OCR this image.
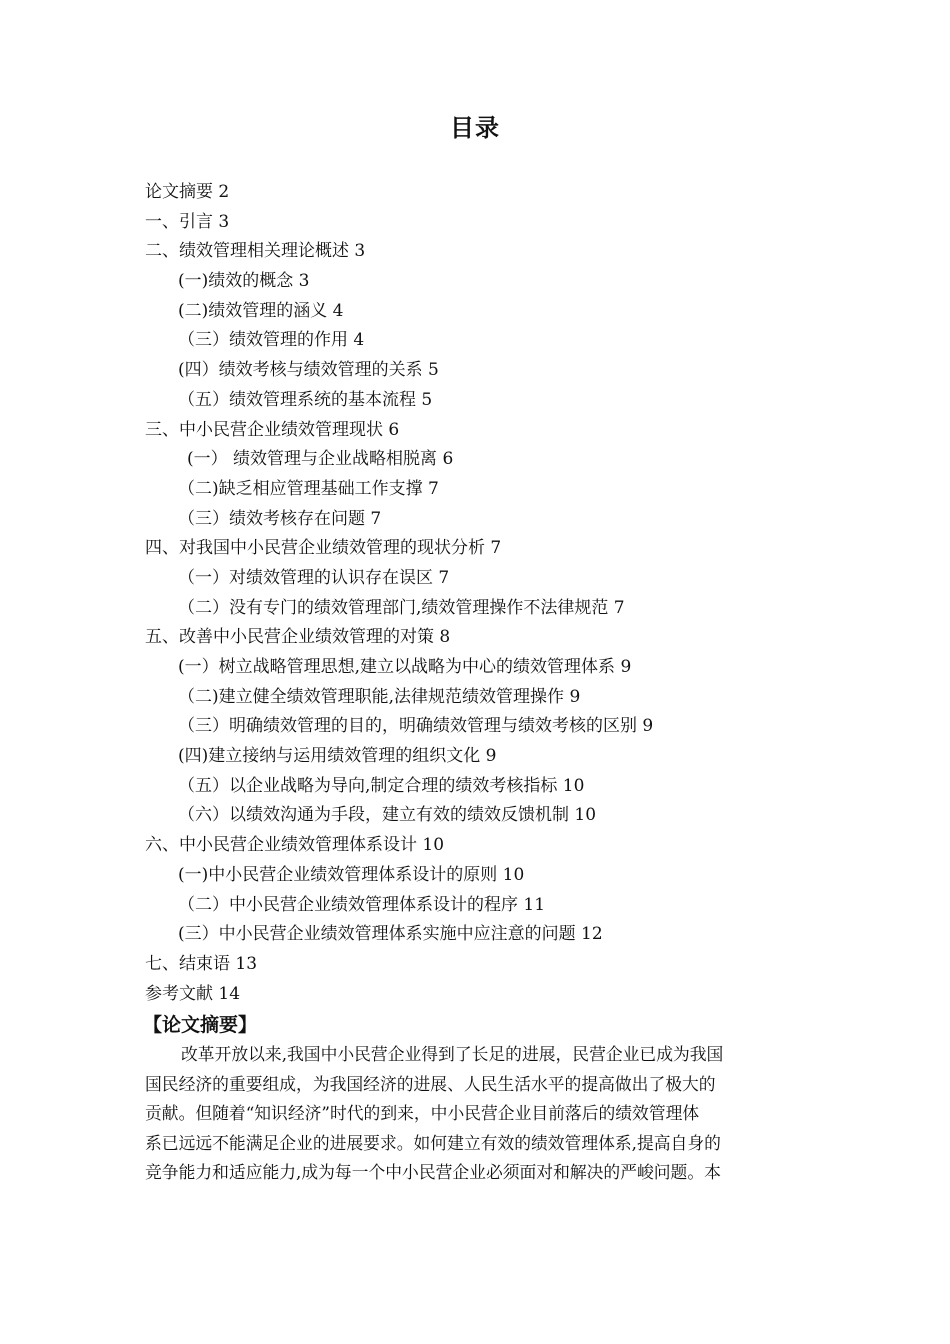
目录
论文摘要 2
一、引言 3
二、绩效管理相关理论概述 3
(一)绩效的概念 3
(二)绩效管理的涵义 4
（三）绩效管理的作用 4
(四）绩效考核与绩效管理的关系 5
（五）绩效管理系统的基本流程 5
三、中小民营企业绩效管理现状 6
(一） 绩效管理与企业战略相脱离 6
（二)缺乏相应管理基础工作支撑 7
（三）绩效考核存在问题 7
四、对我国中小民营企业绩效管理的现状分析 7
（一）对绩效管理的认识存在误区 7
（二）没有专门的绩效管理部门,绩效管理操作不法律规范 7
五、改善中小民营企业绩效管理的对策 8
(一）树立战略管理思想,建立以战略为中心的绩效管理体系 9
（二)建立健全绩效管理职能,法律规范绩效管理操作 9
（三）明确绩效管理的目的，明确绩效管理与绩效考核的区别 9
(四)建立接纳与运用绩效管理的组织文化 9
（五）以企业战略为导向,制定合理的绩效考核指标 10
（六）以绩效沟通为手段，建立有效的绩效反馈机制 10
六、中小民营企业绩效管理体系设计 10
(一)中小民营企业绩效管理体系设计的原则 10
（二）中小民营企业绩效管理体系设计的程序 11
(三）中小民营企业绩效管理体系实施中应注意的问题 12
七、结束语 13
参考文献 14
【论文摘要】
改革开放以来,我国中小民营企业得到了长足的进展，民营企业已成为我国
国民经济的重要组成，为我国经济的进展、人民生活水平的提高做出了极大的
贡献。但随着“知识经济”时代的到来，中小民营企业目前落后的绩效管理体
系已远远不能满足企业的进展要求。如何建立有效的绩效管理体系,提高自身的
竞争能力和适应能力,成为每一个中小民营企业必须面对和解决的严峻问题。本
